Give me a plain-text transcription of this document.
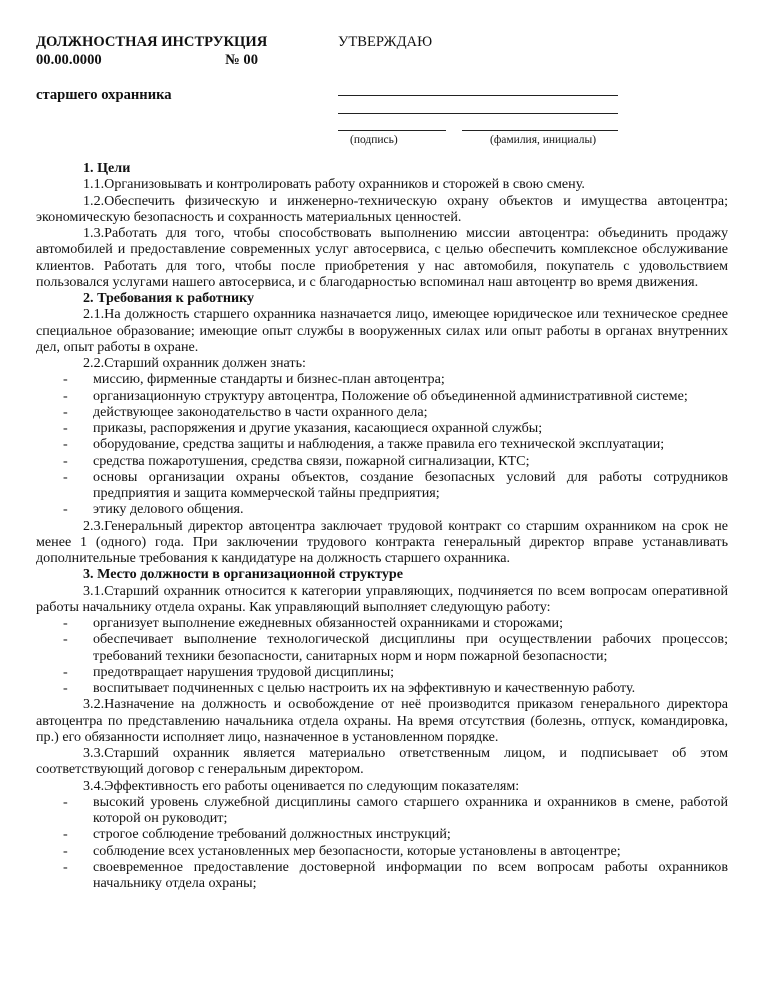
ДОЛЖНОСТНАЯ ИНСТРУКЦИЯ
00.00.0000	№ 00
старшего охранника
УТВЕРЖДАЮ
(подпись)	(фамилия, инициалы)

1. Цели

1.1.Организовывать и контролировать работу охранников и сторожей в свою смену.

1.2.Обеспечить физическую и инженерно-техническую охрану объектов и имущества автоцентра; экономическую безопасность и сохранность материальных ценностей.

1.3.Работать для того, чтобы способствовать выполнению миссии автоцентра: объединить продажу автомобилей и предоставление современных услуг автосервиса, с целью обеспечить комплексное обслуживание клиентов. Работать для того, чтобы после приобретения у нас автомобиля, покупатель с удовольствием пользовался услугами нашего автосервиса, и с благодарностью вспоминал наш автоцентр во время движения.

2. Требования к работнику

2.1.На должность старшего охранника назначается лицо, имеющее юридическое или техническое среднее специальное образование; имеющие опыт службы в вооруженных силах или опыт работы в органах внутренних дел, опыт работы в охране.

2.2.Старший охранник должен знать:

- миссию, фирменные стандарты и бизнес-план автоцентра;

- организационную структуру автоцентра, Положение об объединенной административной системе;

- действующее законодательство в части охранного дела;

- приказы, распоряжения и другие указания, касающиеся охранной службы;

- оборудование, средства защиты и наблюдения, а также правила его технической эксплуатации;

- средства пожаротушения, средства связи, пожарной сигнализации, КТС;

- основы организации охраны объектов, создание безопасных условий для работы сотрудников предприятия и защита коммерческой тайны предприятия;

- этику делового общения.

2.3.Генеральный директор автоцентра заключает трудовой контракт со старшим охранником на срок не менее 1 (одного) года. При заключении трудового контракта генеральный директор вправе устанавливать дополнительные требования к кандидатуре на должность старшего охранника.

3. Место должности в организационной структуре

3.1.Старший охранник относится к категории управляющих, подчиняется по всем вопросам оперативной работы начальнику отдела охраны. Как управляющий выполняет следующую работу:

- организует выполнение ежедневных обязанностей охранниками и сторожами;

- обеспечивает выполнение технологической дисциплины при осуществлении рабочих процессов; требований техники безопасности, санитарных норм и норм пожарной безопасности;

- предотвращает нарушения трудовой дисциплины;

- воспитывает подчиненных с целью настроить их на эффективную и качественную работу.

3.2.Назначение на должность и освобождение от неё производится приказом генерального директора автоцентра по представлению начальника отдела охраны. На время отсутствия (болезнь, отпуск, командировка, пр.) его обязанности исполняет лицо, назначенное в установленном порядке.

3.3.Старший охранник является материально ответственным лицом, и подписывает об этом соответствующий договор с генеральным директором.

3.4.Эффективность его работы оценивается по следующим показателям:

- высокий уровень служебной дисциплины самого старшего охранника и охранников в смене, работой которой он руководит;

- строгое соблюдение требований должностных инструкций;

- соблюдение всех установленных мер безопасности, которые установлены в автоцентре;

- своевременное предоставление достоверной информации по всем вопросам работы охранников начальнику отдела охраны;
